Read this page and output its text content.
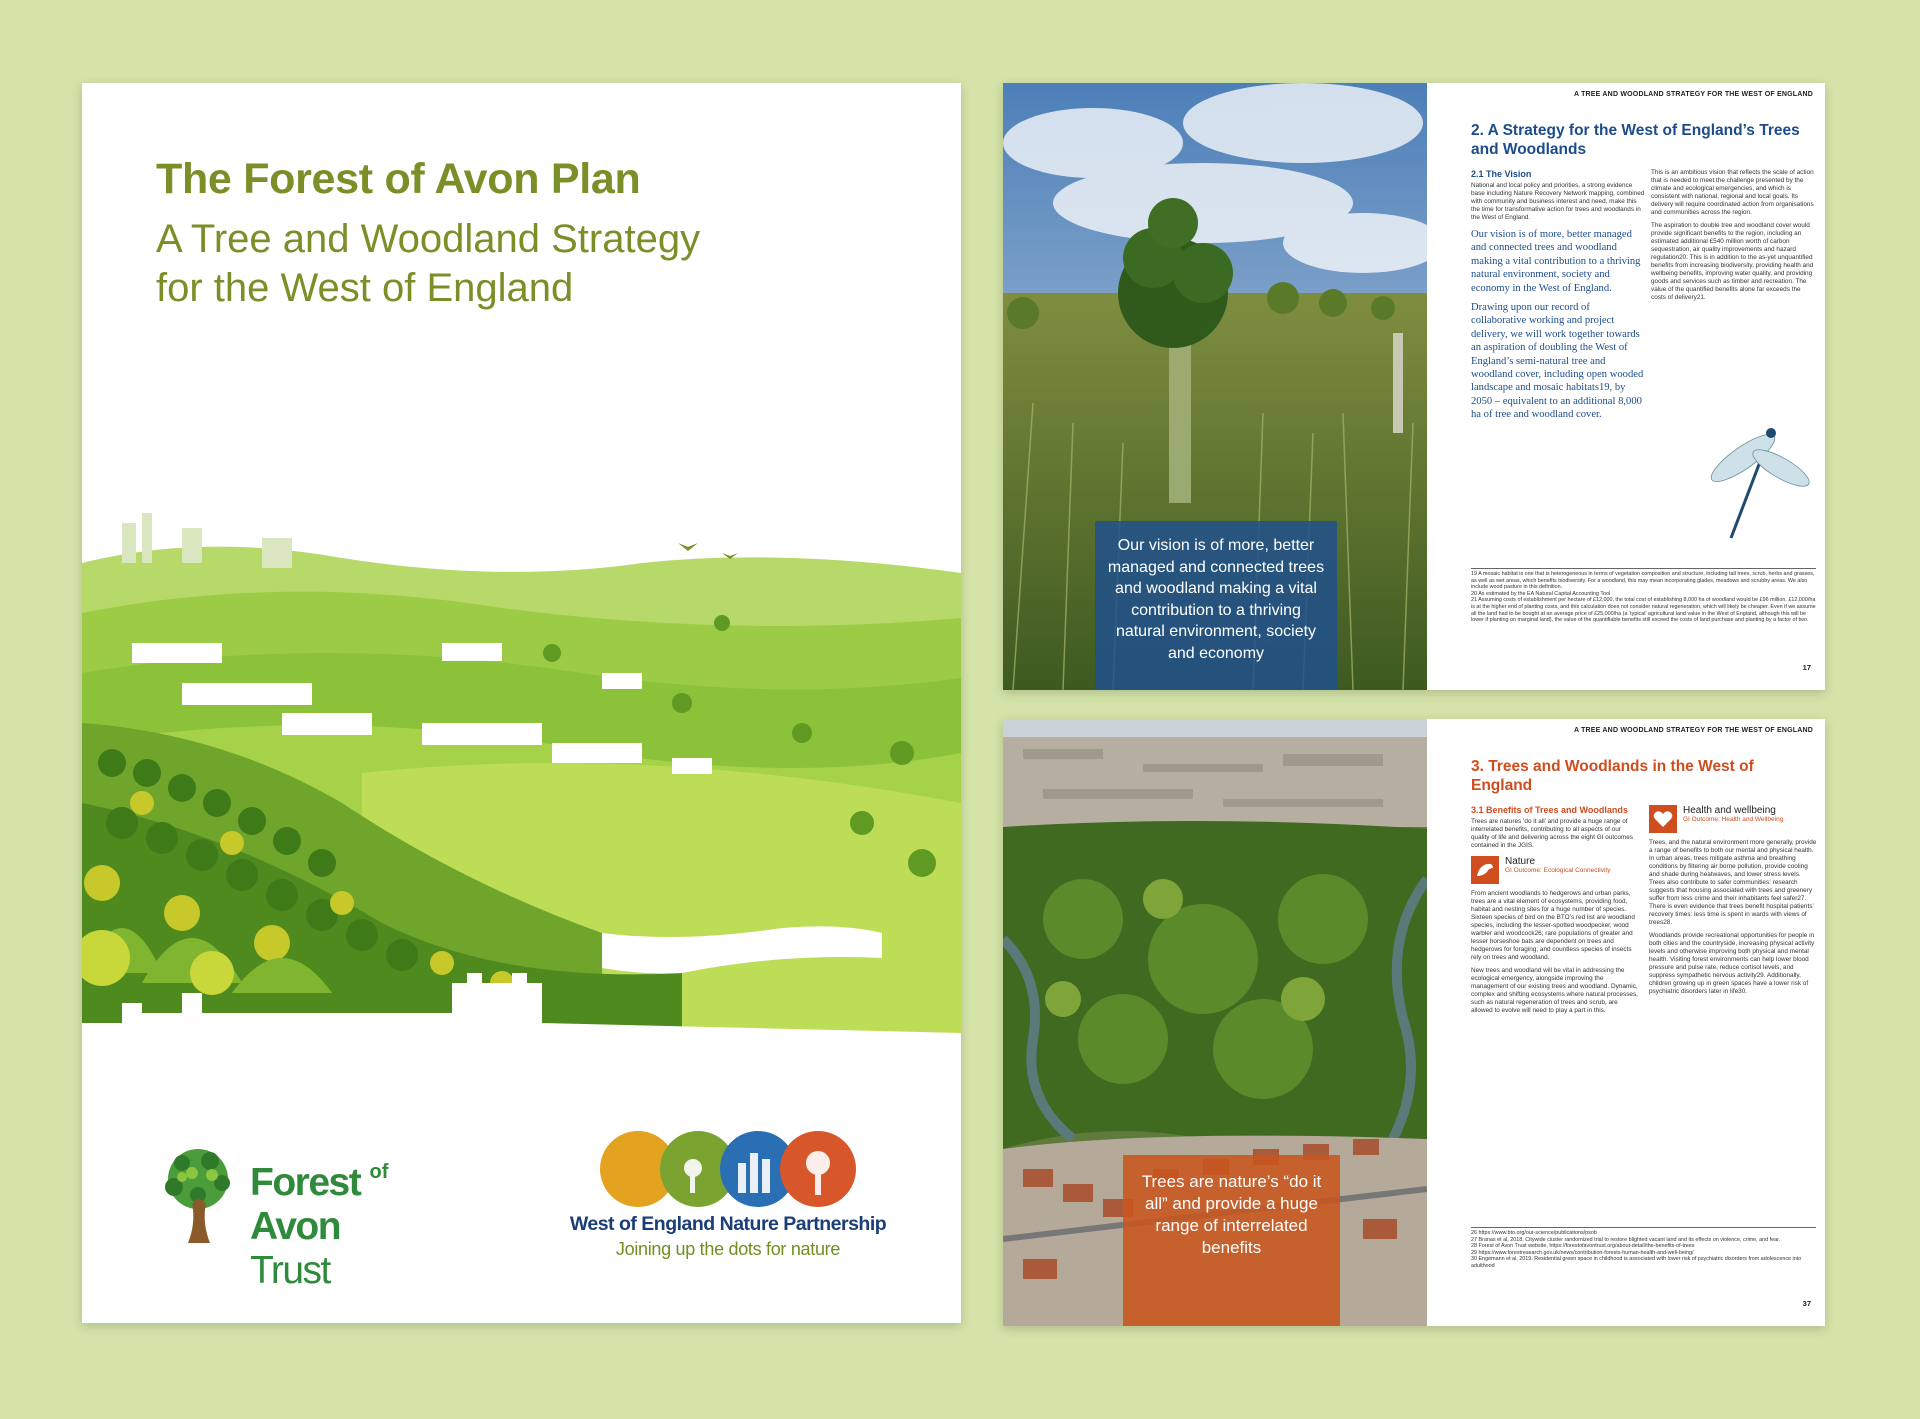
The Forest of Avon Plan
A Tree and Woodland Strategy for the West of England
Forest $^{of}$
Avon Trust
West of England Nature Partnership
Joining up the dots for nature
Our vision is of more, better managed and connected trees and woodland making a vital contribution to a thriving natural environment, society and economy
A TREE AND WOODLAND STRATEGY FOR THE WEST OF ENGLAND
2. A Strategy for the West of England’s Trees and Woodlands
2.1 The Vision
National and local policy and priorities, a strong evidence base including Nature Recovery Network mapping, combined with community and business interest and need, make this the time for transformative action for trees and woodlands in the West of England.
Our vision is of more, better managed and connected trees and woodland making a vital contribution to a thriving natural environment, society and economy in the West of England.
Drawing upon our record of collaborative working and project delivery, we will work together towards an aspiration of doubling the West of England’s semi-natural tree and woodland cover, including open wooded landscape and mosaic habitats19, by 2050 – equivalent to an additional 8,000 ha of tree and woodland cover.
This is an ambitious vision that reflects the scale of action that is needed to meet the challenge presented by the climate and ecological emergencies, and which is consistent with national, regional and local goals. Its delivery will require coordinated action from organisations and communities across the region.
The aspiration to double tree and woodland cover would provide significant benefits to the region, including an estimated additional £540 million worth of carbon sequestration, air quality improvements and hazard regulation20. This is in addition to the as-yet unquantified benefits from increasing biodiversity, providing health and wellbeing benefits, improving water quality, and providing goods and services such as timber and recreation. The value of the quantified benefits alone far exceeds the costs of delivery21.
19 A mosaic habitat is one that is heterogeneous in terms of vegetation composition and structure, including tall trees, scrub, herbs and grasses, as well as wet areas, which benefits biodiversity. For a woodland, this may mean incorporating glades, meadows and scrubby areas. We also include wood pasture in this definition.
20 As estimated by the EA Natural Capital Accounting Tool
21 Assuming costs of establishment per hectare of £12,000, the total cost of establishing 8,000 ha of woodland would be £96 million. £12,000/ha is at the higher end of planting costs, and this calculation does not consider natural regeneration, which will likely be cheaper. Even if we assume all the land had to be bought at an average price of £25,000/ha (a ‘typical’ agricultural land value in the West of England, although this will be lower if planting on marginal land), the value of the quantifiable benefits still exceed the costs of land purchase and planting by a factor of two.
17
Trees are nature’s “do it all” and provide a huge range of interrelated benefits
A TREE AND WOODLAND STRATEGY FOR THE WEST OF ENGLAND
3. Trees and Woodlands in the West of England
3.1 Benefits of Trees and Woodlands
Trees are natures ‘do it all’ and provide a huge range of interrelated benefits, contributing to all aspects of our quality of life and delivering across the eight GI outcomes contained in the JGIS.
Nature
GI Outcome: Ecological Connectivity
From ancient woodlands to hedgerows and urban parks, trees are a vital element of ecosystems, providing food, habitat and nesting sites for a huge number of species. Sixteen species of bird on the BTO’s red list are woodland species, including the lesser-spotted woodpecker, wood warbler and woodcock26; rare populations of greater and lesser horseshoe bats are dependent on trees and hedgerows for foraging; and countless species of insects rely on trees and woodland.
New trees and woodland will be vital in addressing the ecological emergency, alongside improving the management of our existing trees and woodland. Dynamic, complex and shifting ecosystems where natural processes, such as natural regeneration of trees and scrub, are allowed to evolve will need to play a part in this.
Health and wellbeing
GI Outcome: Health and Wellbeing
Trees, and the natural environment more generally, provide a range of benefits to both our mental and physical health. In urban areas, trees mitigate asthma and breathing conditions by filtering air borne pollution, provide cooling and shade during heatwaves, and lower stress levels. Trees also contribute to safer communities: research suggests that housing associated with trees and greenery suffer from less crime and their inhabitants feel safer27. There is even evidence that trees benefit hospital patients’ recovery times: less time is spent in wards with views of trees28.
Woodlands provide recreational opportunities for people in both cities and the countryside, increasing physical activity levels and otherwise improving both physical and mental health. Visiting forest environments can help lower blood pressure and pulse rate, reduce cortisol levels, and suppress sympathetic nervous activity29. Additionally, children growing up in green spaces have a lower risk of psychiatric disorders later in life30.
26 https://www.bto.org/our-science/publications/psob
27 Branas et al, 2018. Citywide cluster randomized trial to restore blighted vacant land and its effects on violence, crime, and fear.
28 Forest of Avon Trust website, https://forestofavontrust.org/about-detail/the-benefits-of-trees
29 https://www.forestresearch.gov.uk/news/contribution-forests-human-health-and-well-being/
30 Engemann et al, 2019. Residential green space in childhood is associated with lower risk of psychiatric disorders from adolescence into adulthood
37
